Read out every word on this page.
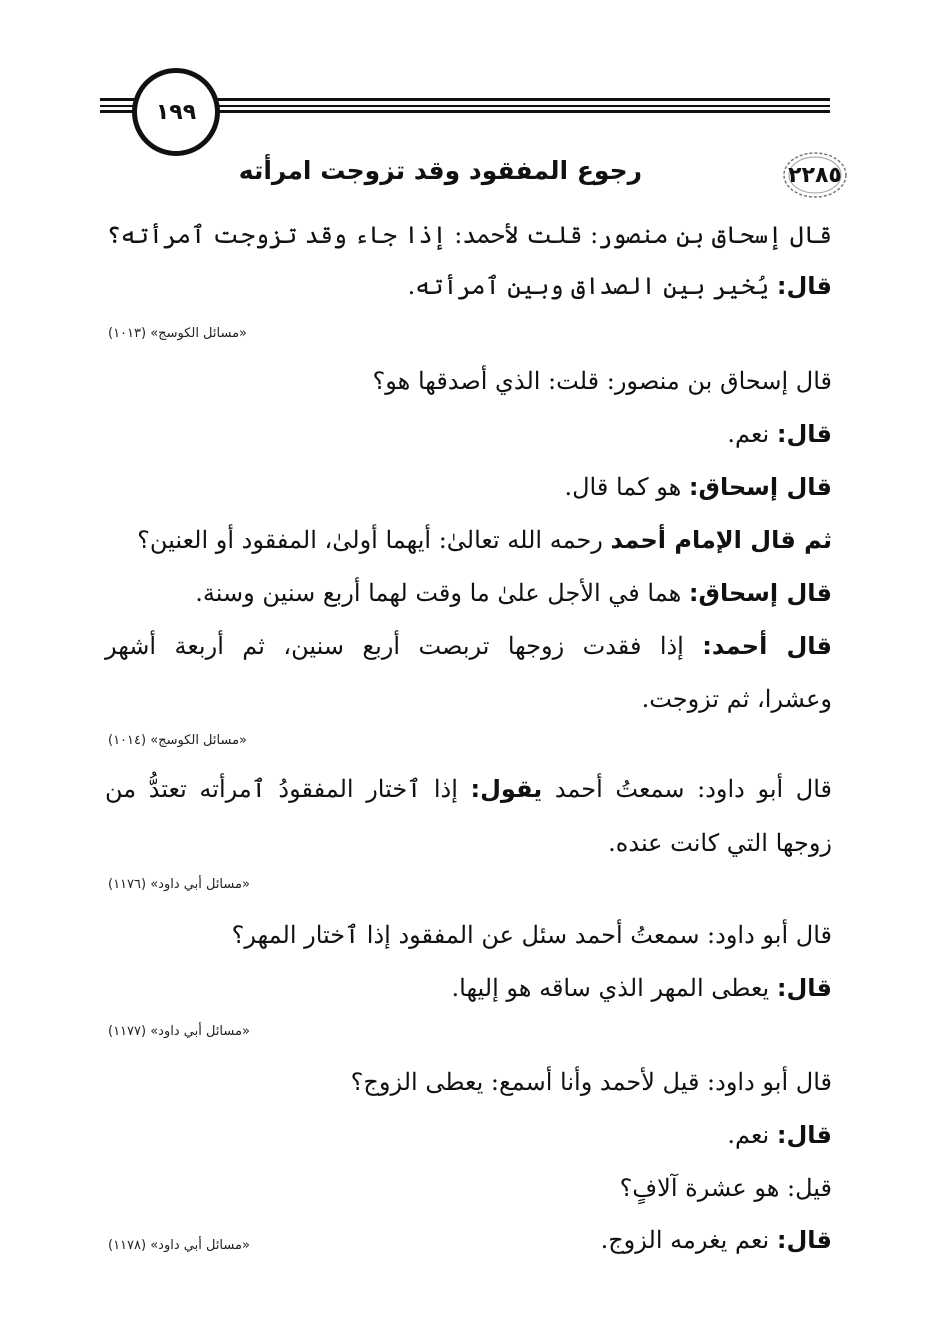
١٩٩
٢٢٨٥
رجوع المفقود وقد تزوجت امرأته
قال إسحاق بن منصور: قلت لأحمد: إذا جاء وقد تزوجت ٱمرأته؟
قال: يُخير بين الصداق وبين ٱمرأته.
«مسائل الكوسج» (١٠١٣)
قال إسحاق بن منصور: قلت: الذي أصدقها هو؟
قال: نعم.
قال إسحاق: هو كما قال.
ثم قال الإمام أحمد رحمه الله تعالىٰ: أيهما أولىٰ، المفقود أو العنين؟
قال إسحاق: هما في الأجل علىٰ ما وقت لهما أربع سنين وسنة.
قال أحمد: إذا فقدت زوجها تربصت أربع سنين، ثم أربعة أشهر
وعشرا، ثم تزوجت.
«مسائل الكوسج» (١٠١٤)
قال أبو داود: سمعتُ أحمد يقول: إذا ٱختار المفقودُ ٱمرأته تعتدُّ من
زوجها التي كانت عنده.
«مسائل أبي داود» (١١٧٦)
قال أبو داود: سمعتُ أحمد سئل عن المفقود إذا ٱختار المهر؟
قال: يعطى المهر الذي ساقه هو إليها.
«مسائل أبي داود» (١١٧٧)
قال أبو داود: قيل لأحمد وأنا أسمع: يعطى الزوج؟
قال: نعم.
قيل: هو عشرة آلافٍ؟
قال: نعم يغرمه الزوج.
«مسائل أبي داود» (١١٧٨)
